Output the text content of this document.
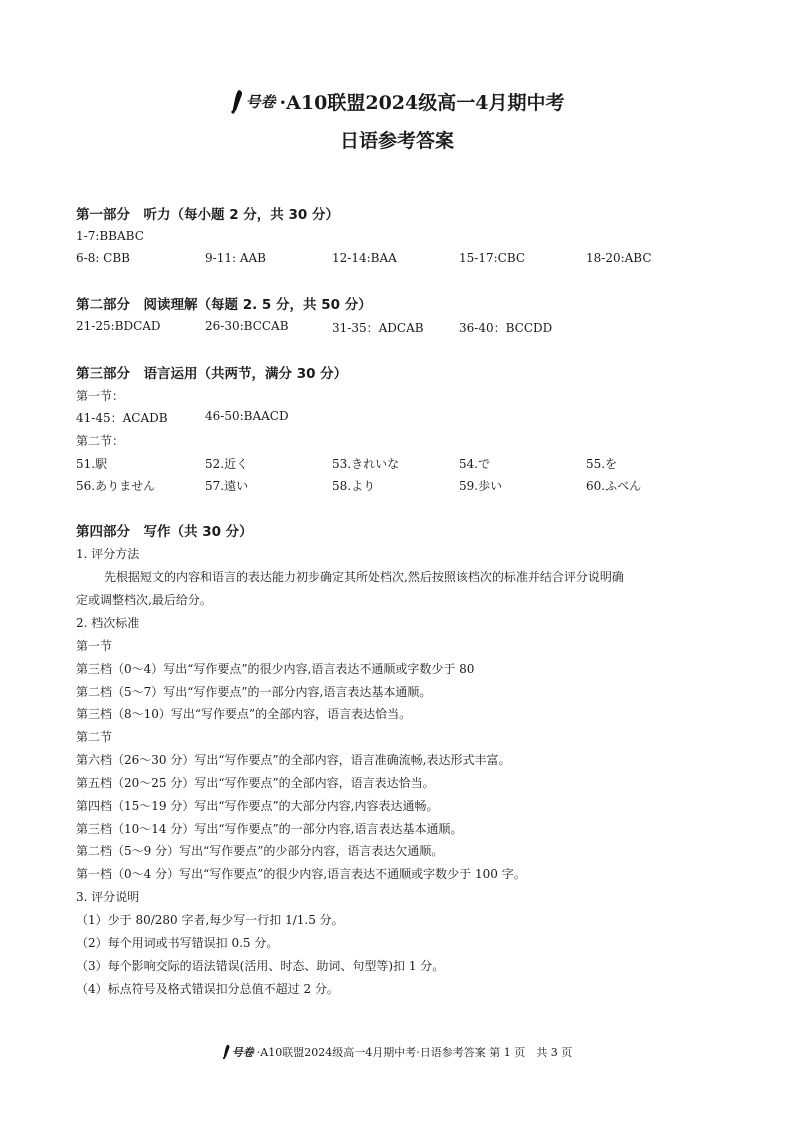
号卷 ·A10联盟2024级高一4月期中考
日语参考答案
第一部分　听力（每小题 2 分，共 30 分）
1-7:BBABC
6-8: CBB	9-11: AAB	12-14:BAA	15-17:CBC	18-20:ABC
第二部分　阅读理解（每题 2. 5 分，共 50 分）
21-25:BDCAD	26-30:BCCAB	31-35：ADCAB	36-40：BCCDD
第三部分　语言运用（共两节，满分 30 分）
第一节：
41-45：ACADB	46-50:BAACD
第二节：
51.駅	52.近く	53.きれいな	54.で	55.を
56.ありません	57.遠い	58.より	59.歩い	60.ふべん
第四部分　写作（共 30 分）
1. 评分方法
先根据短文的内容和语言的表达能力初步确定其所处档次,然后按照该档次的标准并结合评分说明确
定或调整档次,最后给分。
2. 档次标准
第一节
第三档（0～4）写出“写作要点”的很少内容,语言表达不通顺或字数少于 80
第二档（5～7）写出“写作要点”的一部分内容,语言表达基本通顺。
第三档（8～10）写出“写作要点”的全部内容，语言表达恰当。
第二节
第六档（26～30 分）写出“写作要点”的全部内容，语言准确流畅,表达形式丰富。
第五档（20～25 分）写出“写作要点”的全部内容，语言表达恰当。
第四档（15～19 分）写出“写作要点”的大部分内容,内容表达通畅。
第三档（10～14 分）写出“写作要点”的一部分内容,语言表达基本通顺。
第二档（5～9 分）写出“写作要点”的少部分内容，语言表达欠通顺。
第一档（0～4 分）写出“写作要点”的很少内容,语言表达不通顺或字数少于 100 字。
3. 评分说明
（1）少于 80/280 字者,每少写一行扣 1/1.5 分。
（2）每个用词或书写错误扣 0.5 分。
（3）每个影响交际的语法错误(活用、时态、助词、句型等)扣 1 分。
（4）标点符号及格式错误扣分总值不超过 2 分。
号卷 ·A10联盟2024级高一4月期中考·日语参考答案 第 1 页　共 3 页
